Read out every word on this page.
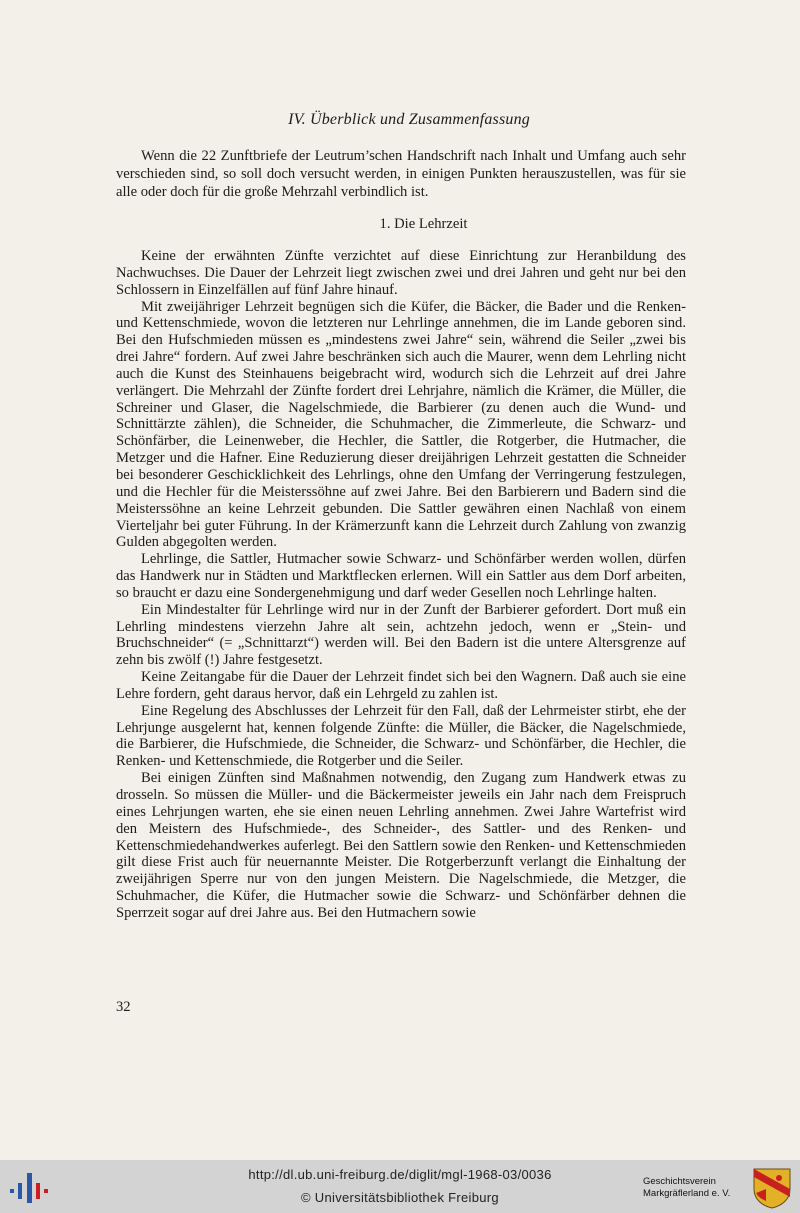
IV. Überblick und Zusammenfassung

Wenn die 22 Zunftbriefe der Leutrum’schen Handschrift nach Inhalt und Umfang auch sehr verschieden sind, so soll doch versucht werden, in einigen Punkten herauszustellen, was für sie alle oder doch für die große Mehrzahl verbindlich ist.

1. Die Lehrzeit

Keine der erwähnten Zünfte verzichtet auf diese Einrichtung zur Heranbildung des Nachwuchses. Die Dauer der Lehrzeit liegt zwischen zwei und drei Jahren und geht nur bei den Schlossern in Einzelfällen auf fünf Jahre hinauf.

Mit zweijähriger Lehrzeit begnügen sich die Küfer, die Bäcker, die Bader und die Renken- und Kettenschmiede, wovon die letzteren nur Lehrlinge annehmen, die im Lande geboren sind. Bei den Hufschmieden müssen es „mindestens zwei Jahre“ sein, während die Seiler „zwei bis drei Jahre“ fordern. Auf zwei Jahre beschränken sich auch die Maurer, wenn dem Lehrling nicht auch die Kunst des Steinhauens beigebracht wird, wodurch sich die Lehrzeit auf drei Jahre verlängert. Die Mehrzahl der Zünfte fordert drei Lehrjahre, nämlich die Krämer, die Müller, die Schreiner und Glaser, die Nagelschmiede, die Barbierer (zu denen auch die Wund- und Schnittärzte zählen), die Schneider, die Schuhmacher, die Zimmerleute, die Schwarz- und Schönfärber, die Leinenweber, die Hechler, die Sattler, die Rotgerber, die Hutmacher, die Metzger und die Hafner. Eine Reduzierung dieser dreijährigen Lehrzeit gestatten die Schneider bei besonderer Geschicklichkeit des Lehrlings, ohne den Umfang der Verringerung festzulegen, und die Hechler für die Meisterssöhne auf zwei Jahre. Bei den Barbierern und Badern sind die Meisterssöhne an keine Lehrzeit gebunden. Die Sattler gewähren einen Nachlaß von einem Vierteljahr bei guter Führung. In der Krämerzunft kann die Lehrzeit durch Zahlung von zwanzig Gulden abgegolten werden.

Lehrlinge, die Sattler, Hutmacher sowie Schwarz- und Schönfärber werden wollen, dürfen das Handwerk nur in Städten und Marktflecken erlernen. Will ein Sattler aus dem Dorf arbeiten, so braucht er dazu eine Sondergenehmigung und darf weder Gesellen noch Lehrlinge halten.

Ein Mindestalter für Lehrlinge wird nur in der Zunft der Barbierer gefordert. Dort muß ein Lehrling mindestens vierzehn Jahre alt sein, achtzehn jedoch, wenn er „Stein- und Bruchschneider“ (= „Schnittarzt“) werden will. Bei den Badern ist die untere Altersgrenze auf zehn bis zwölf (!) Jahre festgesetzt.

Keine Zeitangabe für die Dauer der Lehrzeit findet sich bei den Wagnern. Daß auch sie eine Lehre fordern, geht daraus hervor, daß ein Lehrgeld zu zahlen ist.

Eine Regelung des Abschlusses der Lehrzeit für den Fall, daß der Lehrmeister stirbt, ehe der Lehrjunge ausgelernt hat, kennen folgende Zünfte: die Müller, die Bäcker, die Nagelschmiede, die Barbierer, die Hufschmiede, die Schneider, die Schwarz- und Schönfärber, die Hechler, die Renken- und Kettenschmiede, die Rotgerber und die Seiler.

Bei einigen Zünften sind Maßnahmen notwendig, den Zugang zum Handwerk etwas zu drosseln. So müssen die Müller- und die Bäckermeister jeweils ein Jahr nach dem Freispruch eines Lehrjungen warten, ehe sie einen neuen Lehrling annehmen. Zwei Jahre Wartefrist wird den Meistern des Hufschmiede-, des Schneider-, des Sattler- und des Renken- und Kettenschmiedehandwerkes auferlegt. Bei den Sattlern sowie den Renken- und Kettenschmieden gilt diese Frist auch für neuernannte Meister. Die Rotgerberzunft verlangt die Einhaltung der zweijährigen Sperre nur von den jungen Meistern. Die Nagelschmiede, die Metzger, die Schuhmacher, die Küfer, die Hutmacher sowie die Schwarz- und Schönfärber dehnen die Sperrzeit sogar auf drei Jahre aus. Bei den Hutmachern sowie

32
http://dl.ub.uni-freiburg.de/diglit/mgl-1968-03/0036
© Universitätsbibliothek Freiburg
Geschichtsverein
Markgräflerland e. V.
